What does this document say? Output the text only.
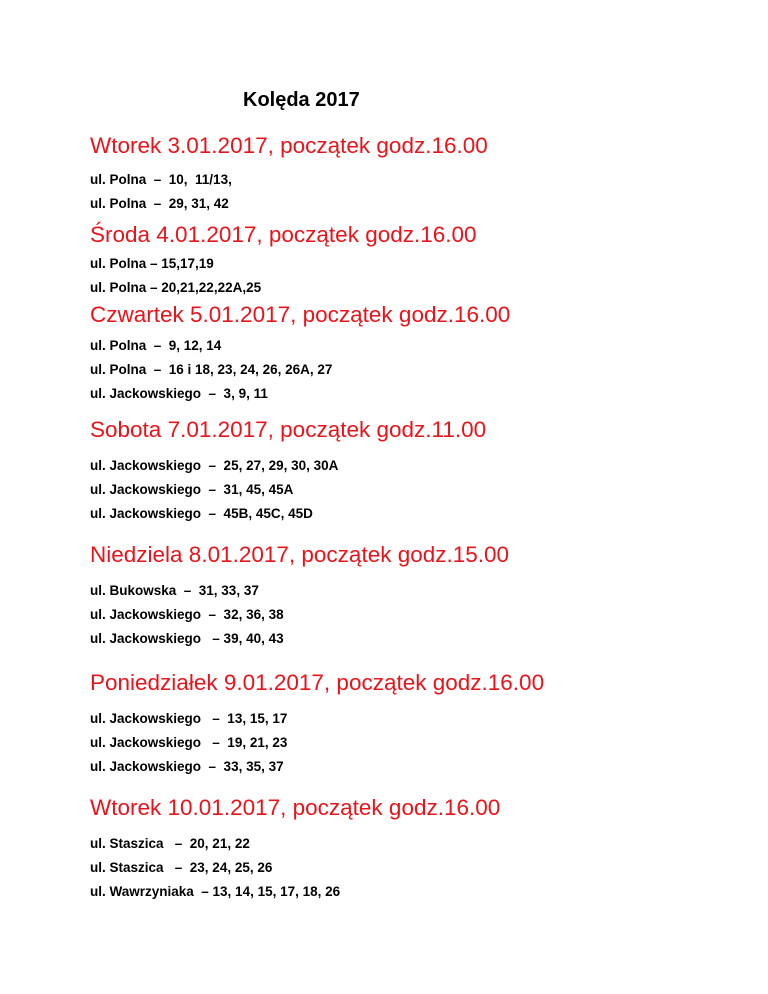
Kolęda 2017
Wtorek 3.01.2017, początek godz.16.00
ul. Polna  –  10,  11/13,
ul. Polna  –  29, 31, 42
Środa 4.01.2017, początek godz.16.00
ul. Polna – 15,17,19
ul. Polna – 20,21,22,22A,25
Czwartek 5.01.2017, początek godz.16.00
ul. Polna  –  9, 12, 14
ul. Polna  –  16 i 18, 23, 24, 26, 26A, 27
ul. Jackowskiego  –  3, 9, 11
Sobota 7.01.2017, początek godz.11.00
ul. Jackowskiego  –  25, 27, 29, 30, 30A
ul. Jackowskiego  –  31, 45, 45A
ul. Jackowskiego  –  45B, 45C, 45D
Niedziela 8.01.2017, początek godz.15.00
ul. Bukowska  –  31, 33, 37
ul. Jackowskiego  –  32, 36, 38
ul. Jackowskiego   – 39, 40, 43
Poniedziałek 9.01.2017, początek godz.16.00
ul. Jackowskiego   –  13, 15, 17
ul. Jackowskiego   –  19, 21, 23
ul. Jackowskiego  –  33, 35, 37
Wtorek 10.01.2017, początek godz.16.00
ul. Staszica   –  20, 21, 22
ul. Staszica   –  23, 24, 25, 26
ul. Wawrzyniaka  – 13, 14, 15, 17, 18, 26
